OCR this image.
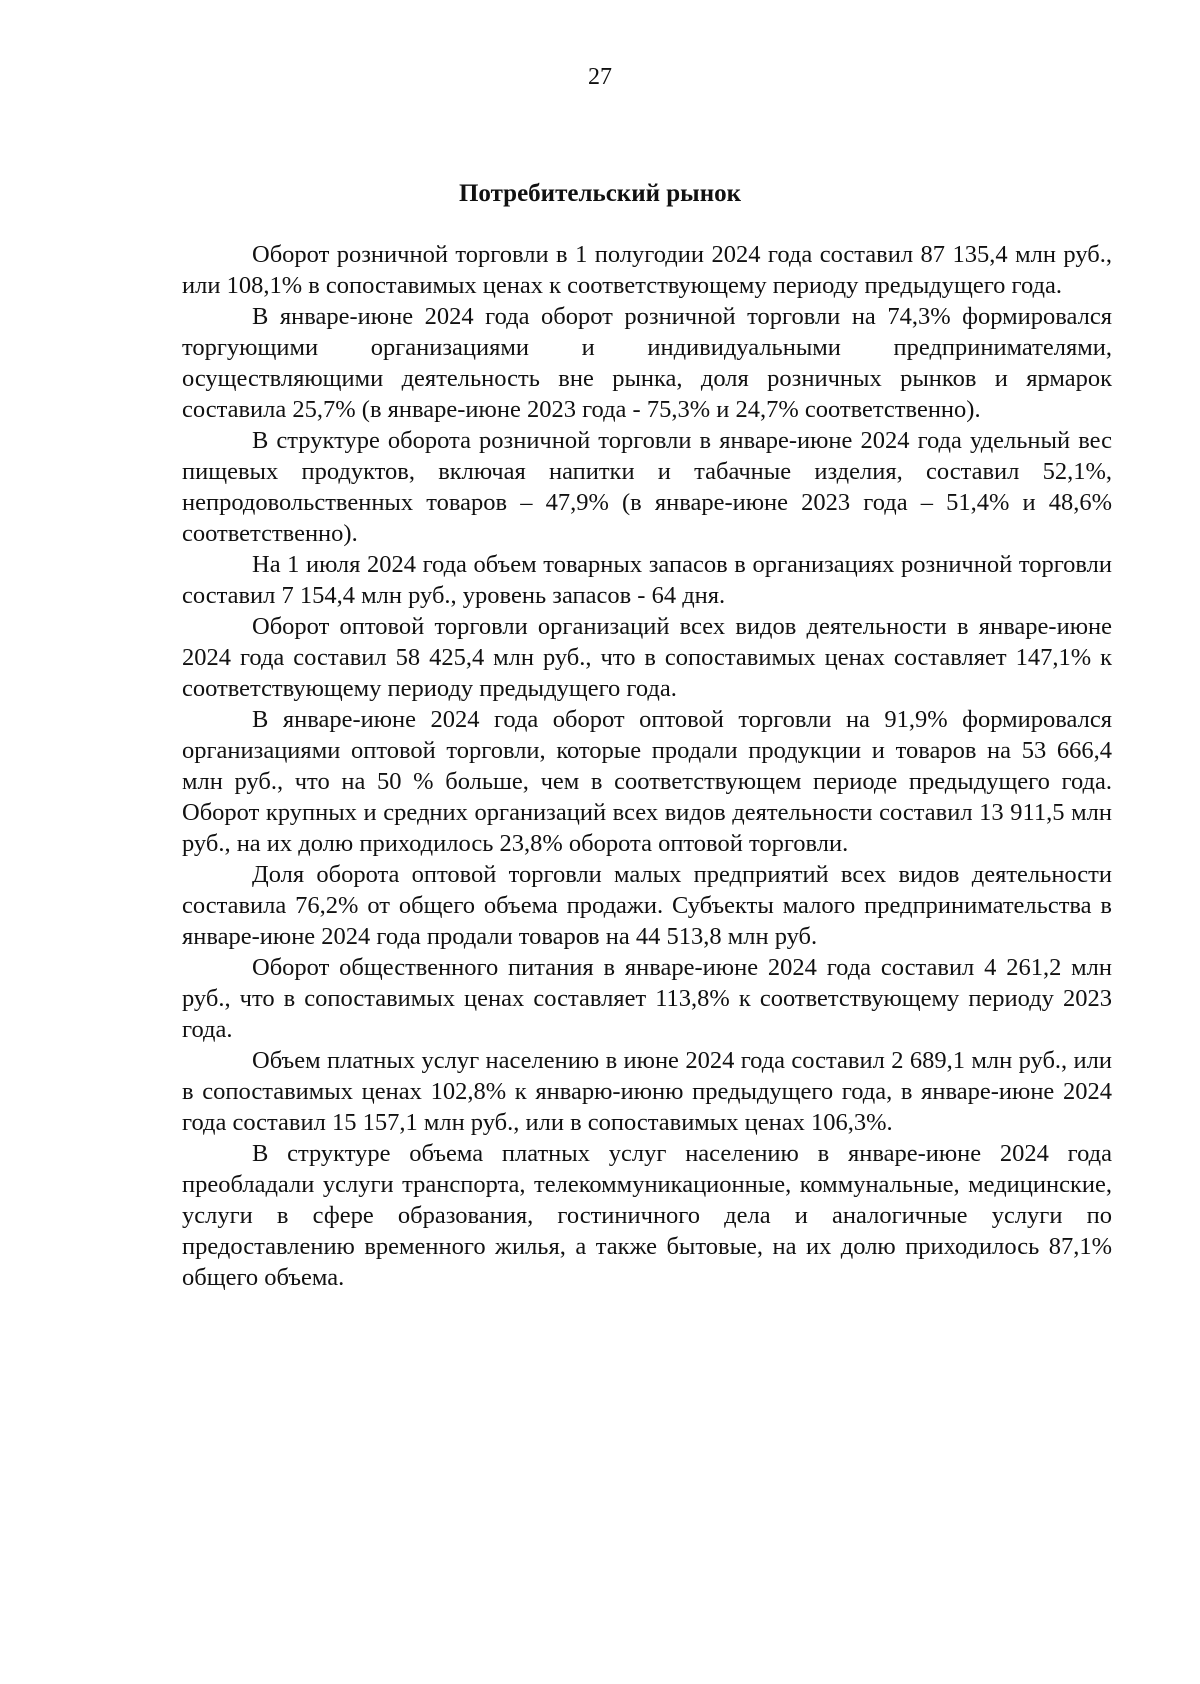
27
Потребительский рынок

Оборот розничной торговли в 1 полугодии 2024 года составил 87 135,4 млн руб., или 108,1% в сопоставимых ценах к соответствующему периоду предыдущего года.

В январе-июне 2024 года оборот розничной торговли на 74,3% формировался торгующими организациями и индивидуальными предпринимателями, осуществляющими деятельность вне рынка, доля розничных рынков и ярмарок составила 25,7% (в январе-июне 2023 года - 75,3% и 24,7% соответственно).

В структуре оборота розничной торговли в январе-июне 2024 года удельный вес пищевых продуктов, включая напитки и табачные изделия, составил 52,1%, непродовольственных товаров – 47,9% (в январе-июне 2023 года – 51,4% и 48,6% соответственно).

На 1 июля 2024 года объем товарных запасов в организациях розничной торговли составил 7 154,4 млн руб., уровень запасов - 64 дня.

Оборот оптовой торговли организаций всех видов деятельности в январе-июне 2024 года составил 58 425,4 млн руб., что в сопоставимых ценах составляет 147,1% к соответствующему периоду предыдущего года.

В январе-июне 2024 года оборот оптовой торговли на 91,9% формировался организациями оптовой торговли, которые продали продукции и товаров на 53 666,4 млн руб., что на 50 % больше, чем в соответствующем периоде предыдущего года. Оборот крупных и средних организаций всех видов деятельности составил 13 911,5 млн руб., на их долю приходилось 23,8% оборота оптовой торговли.

Доля оборота оптовой торговли малых предприятий всех видов деятельности составила 76,2% от общего объема продажи. Субъекты малого предпринимательства в январе-июне 2024 года продали товаров на 44 513,8 млн руб.

Оборот общественного питания в январе-июне 2024 года составил 4 261,2 млн руб., что в сопоставимых ценах составляет 113,8% к соответствующему периоду 2023 года.

Объем платных услуг населению в июне 2024 года составил 2 689,1 млн руб., или в сопоставимых ценах 102,8% к январю-июню предыдущего года, в январе-июне 2024 года составил 15 157,1 млн руб., или в сопоставимых ценах 106,3%.

В структуре объема платных услуг населению в январе-июне 2024 года преобладали услуги транспорта, телекоммуникационные, коммунальные, медицинские, услуги в сфере образования, гостиничного дела и аналогичные услуги по предоставлению временного жилья, а также бытовые, на их долю приходилось 87,1% общего объема.
